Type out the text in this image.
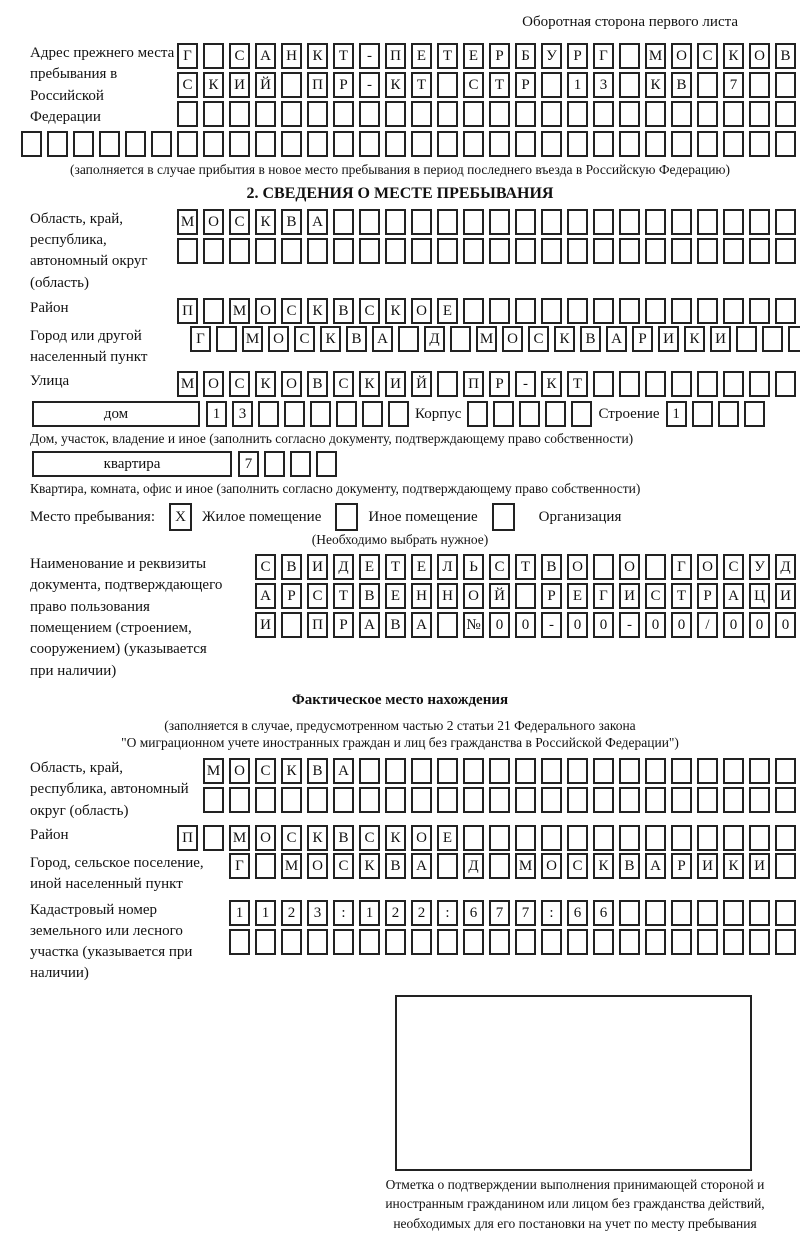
Оборотная сторона первого листа
Адрес прежнего места пребывания в Российской Федерации
Г	С	А	Н	К	Т	-	П	Е	Т	Е	Р	Б	У	Р	Г	М О	С	К	О	В
С	К	И	Й	П	Р	-	К	Т	С	Т	Р	1	3	К	В	7
(заполняется в случае прибытия в новое место пребывания в период последнего въезда в Российскую Федерацию)
2. СВЕДЕНИЯ О МЕСТЕ ПРЕБЫВАНИЯ
Область, край, республика, автономный округ (область)
М О	С	К	В	А
Район	П	М О	С	К	В	С	К	О	Е
Город или другой населенный пункт
Г	М О	С	К	В	А	Д	М О	С	К	В	А	Р	И	К	И
Улица	М О	С	К	О	В	С	К	И	Й	П	Р	-	К	Т
дом	1	3	Корпус	Строение 1
Дом, участок, владение и иное (заполнить согласно документу, подтверждающему право собственности)
квартира	7
Квартира, комната, офис и иное (заполнить согласно документу, подтверждающему право собственности)
Место пребывания:	X	Жилое помещение	Иное помещение	Организация
(Необходимо выбрать нужное)
Наименование и реквизиты документа, подтверждающего право пользования помещением (строением, сооружением) (указывается при наличии)
С	В	И	Д	Е	Т	Е	Л	Ь	С	Т	В	О	О	Г	О	С	У	Д
А	Р	С	Т	В	Е	Н	Н	О	Й	Р	Е	Г	И	С	Т	Р	А	Ц	И
И	П	Р	А	В	А	№	0	0	-	0	0	-	0	0	/	0	0	0
Фактическое место нахождения
(заполняется в случае, предусмотренном частью 2 статьи 21 Федерального закона
"О миграционном учете иностранных граждан и лиц без гражданства в Российской Федерации")
Область, край, республика, автономный округ (область)
М О	С	К	В	А
Район	П	М О	С	К	В	С	К	О	Е
Город, сельское поселение, иной населенный пункт
Г	М О	С	К	В	А	Д	М О	С	К	В	А	Р	И	К	И
Кадастровый номер земельного или лесного участка (указывается при наличии)
1	1	2	3	:	1	2	2	:	6	7	7	:	6	6
Отметка о подтверждении выполнения принимающей стороной и иностранным гражданином или лицом без гражданства действий, необходимых для его постановки на учет по месту пребывания
